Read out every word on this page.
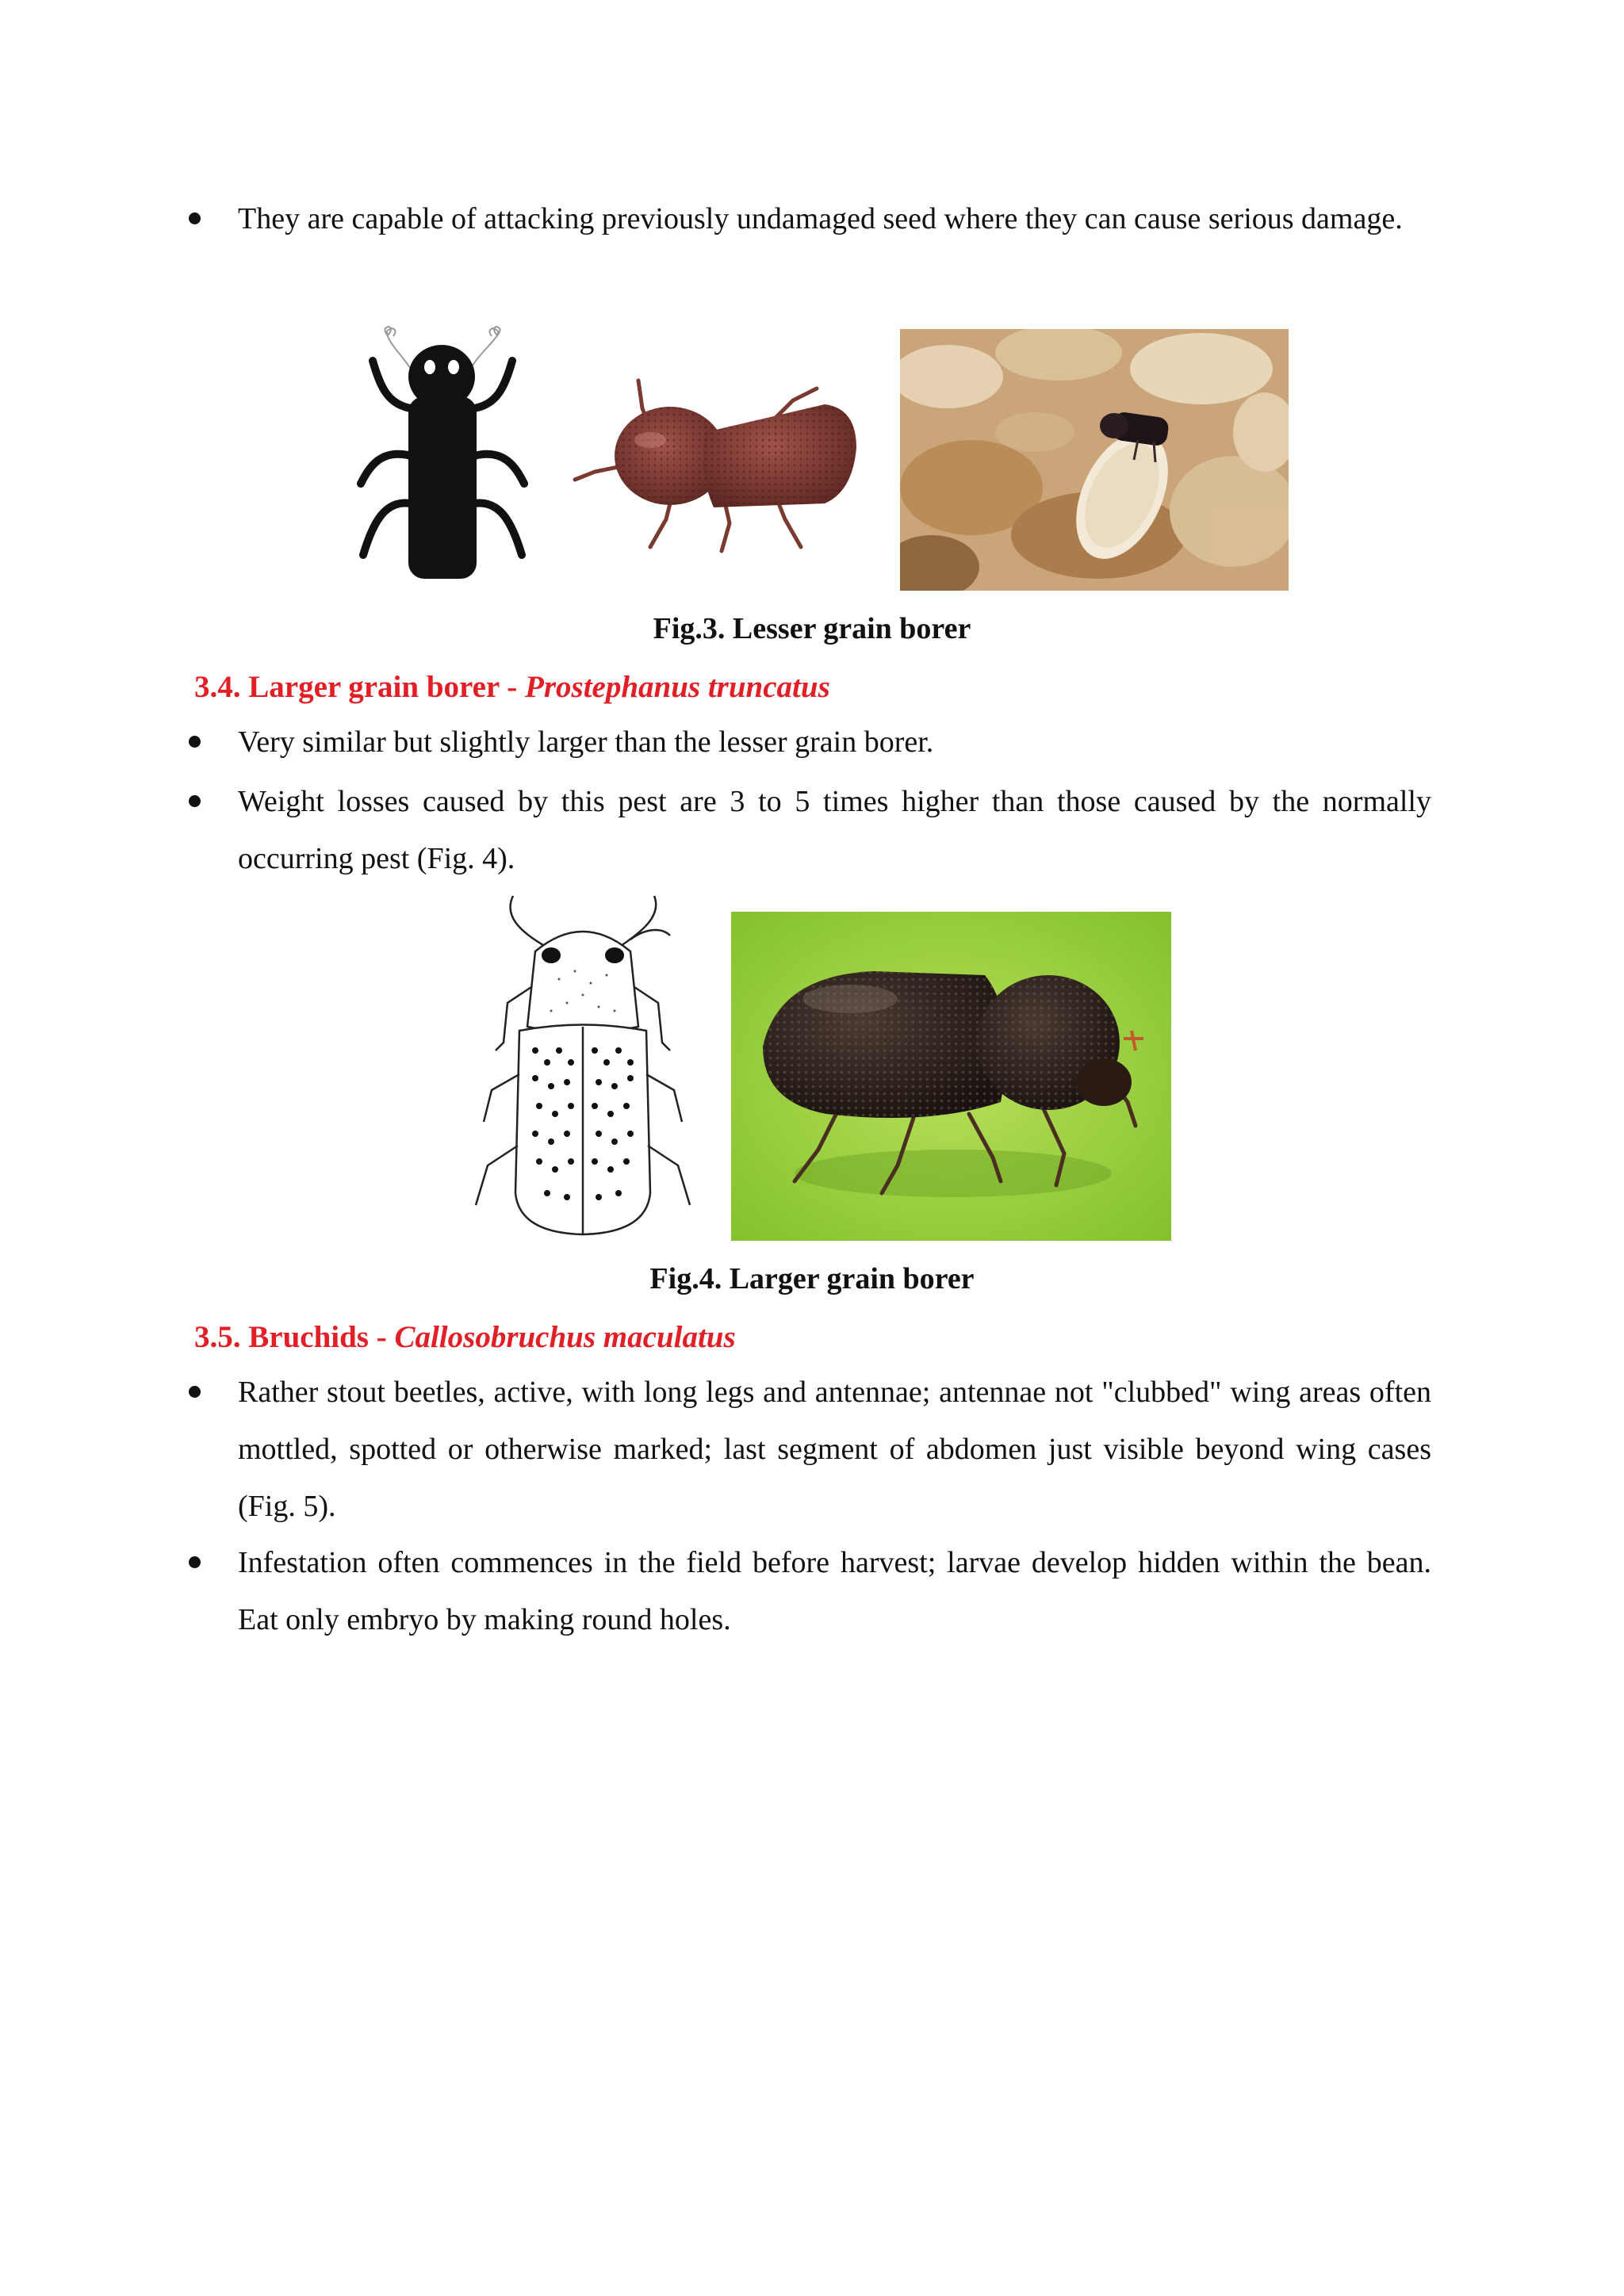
They are capable of attacking previously undamaged seed where they can cause serious damage.

Fig.3. Lesser grain borer
3.4. Larger grain borer - Prostephanus truncatus

Very similar but slightly larger than the lesser grain borer.

Weight losses caused by this pest are 3 to 5 times higher than those caused by the normally occurring pest (Fig. 4).

Fig.4. Larger grain borer
3.5. Bruchids - Callosobruchus maculatus

Rather stout beetles, active, with long legs and antennae; antennae not "clubbed" wing areas often mottled, spotted or otherwise marked; last segment of abdomen just visible beyond wing cases (Fig. 5).

Infestation often commences in the field before harvest; larvae develop hidden within the bean. Eat only embryo by making round holes.
